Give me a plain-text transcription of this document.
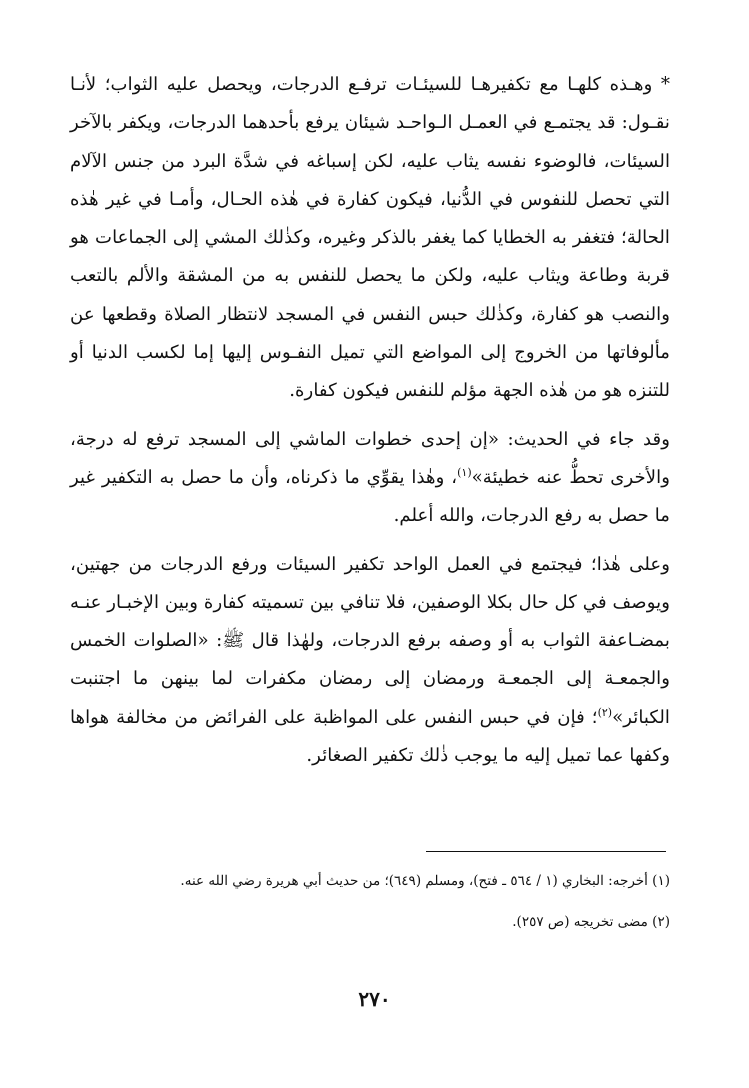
* وهـذه كلهـا مع تكفيرهـا للسيئـات ترفـع الدرجات، ويحصل عليه الثواب؛ لأنـا نقـول: قد يجتمـع في العمـل الـواحـد شيئان يرفع بأحدهما الدرجات، ويكفر بالآخر السيئات، فالوضوء نفسه يثاب عليه، لكن إسباغه في شدَّة البرد من جنس الآلام التي تحصل للنفوس في الدُّنيا، فيكون كفارة في هٰذه الحـال، وأمـا في غير هٰذه الحالة؛ فتغفر به الخطايا كما يغفر بالذكر وغيره، وكذٰلك المشي إلى الجماعات هو قربة وطاعة ويثاب عليه، ولكن ما يحصل للنفس به من المشقة والألم بالتعب والنصب هو كفارة، وكذٰلك حبس النفس في المسجد لانتظار الصلاة وقطعها عن مألوفاتها من الخروج إلى المواضع التي تميل النفـوس إليها إما لكسب الدنيا أو للتنزه هو من هٰذه الجهة مؤلم للنفس فيكون كفارة.

وقد جاء في الحديث: «إن إحدى خطوات الماشي إلى المسجد ترفع له درجة، والأخرى تحطُّ عنه خطيئة»$^{(١)}$، وهٰذا يقوِّي ما ذكرناه، وأن ما حصل به التكفير غير ما حصل به رفع الدرجات، والله أعلم.

وعلى هٰذا؛ فيجتمع في العمل الواحد تكفير السيئات ورفع الدرجات من جهتين، ويوصف في كل حال بكلا الوصفين، فلا تنافي بين تسميته كفارة وبين الإخبـار عنـه بمضـاعفة الثواب به أو وصفه برفع الدرجات، ولهٰذا قال ﷺ: «الصلوات الخمس والجمعـة إلى الجمعـة ورمضان إلى رمضان مكفرات لما بينهن ما اجتنبت الكبائر»$^{(٢)}$؛ فإن في حبس النفس على المواظبة على الفرائض من مخالفة هواها وكفها عما تميل إليه ما يوجب ذٰلك تكفير الصغائر.

(١) أخرجه: البخاري (١ / ٥٦٤ ـ فتح)، ومسلم (٦٤٩)؛ من حديث أبي هريرة رضي الله عنه.

(٢) مضى تخريجه (ص ٢٥٧).

٢٧٠
